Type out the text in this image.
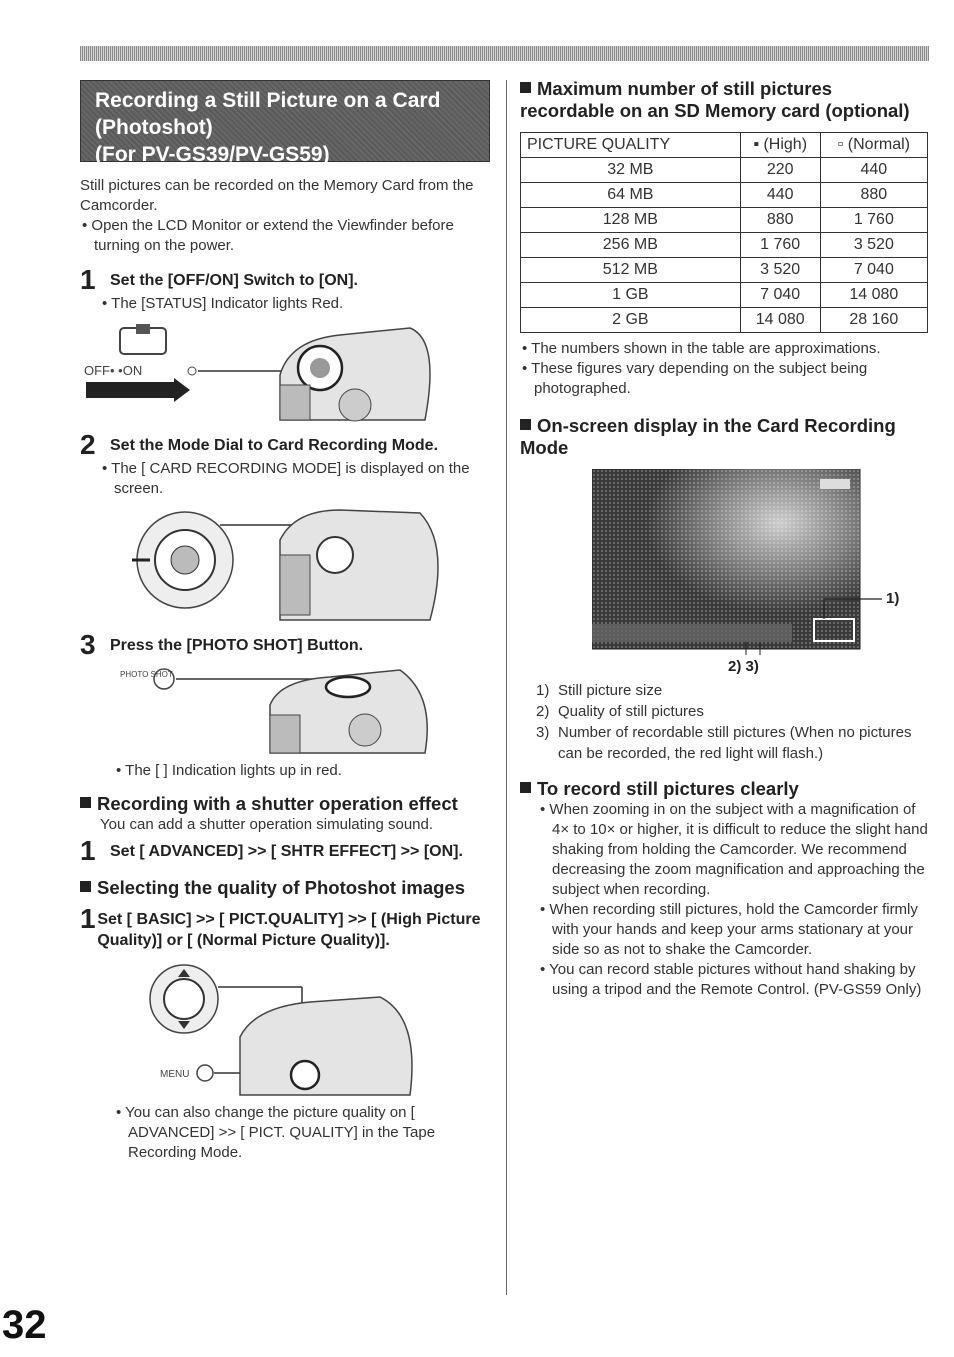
Recording a Still Picture on a Card
(Photoshot)
(For PV-GS39/PV-GS59)

Still pictures can be recorded on the Memory Card from the Camcorder.

• Open the LCD Monitor or extend the Viewfinder before turning on the power.

1 Set the [OFF/ON] Switch to [ON].

• The [STATUS] Indicator lights Red.

OFF• •ON
2 Set the Mode Dial to Card Recording Mode.

• The [ CARD RECORDING MODE] is displayed on the screen.

3 Press the [PHOTO SHOT] Button.
PHOTO SHOT

• The [ ] Indication lights up in red.

Recording with a shutter operation effect

You can add a shutter operation simulating sound.

1 Set [ ADVANCED] >> [ SHTR EFFECT] >> [ON].
Selecting the quality of Photoshot images
1 Set [ BASIC] >> [ PICT.QUALITY] >> [ (High Picture Quality)] or [ (Normal Picture Quality)].
MENU

• You can also change the picture quality on [ ADVANCED] >> [ PICT. QUALITY] in the Tape Recording Mode.

Maximum number of still pictures recordable on an SD Memory card (optional)
PICTURE QUALITY	▪ (High)	▫ (Normal)
32 MB	220	440
64 MB	440	880
128 MB	880	1 760
256 MB	1 760	3 520
512 MB	3 520	7 040
1 GB	7 040	14 080
2 GB	14 080	28 160

• The numbers shown in the table are approximations.

• These figures vary depending on the subject being photographed.

On-screen display in the Card Recording Mode
1)
2) 3)
1) Still picture size
2) Quality of still pictures
3) Number of recordable still pictures (When no pictures can be recorded, the red light will flash.)
To record still pictures clearly

• When zooming in on the subject with a magnification of 4× to 10× or higher, it is difficult to reduce the slight hand shaking from holding the Camcorder. We recommend decreasing the zoom magnification and approaching the subject when recording.

• When recording still pictures, hold the Camcorder firmly with your hands and keep your arms stationary at your side so as not to shake the Camcorder.

• You can record stable pictures without hand shaking by using a tripod and the Remote Control. (PV-GS59 Only)

32
